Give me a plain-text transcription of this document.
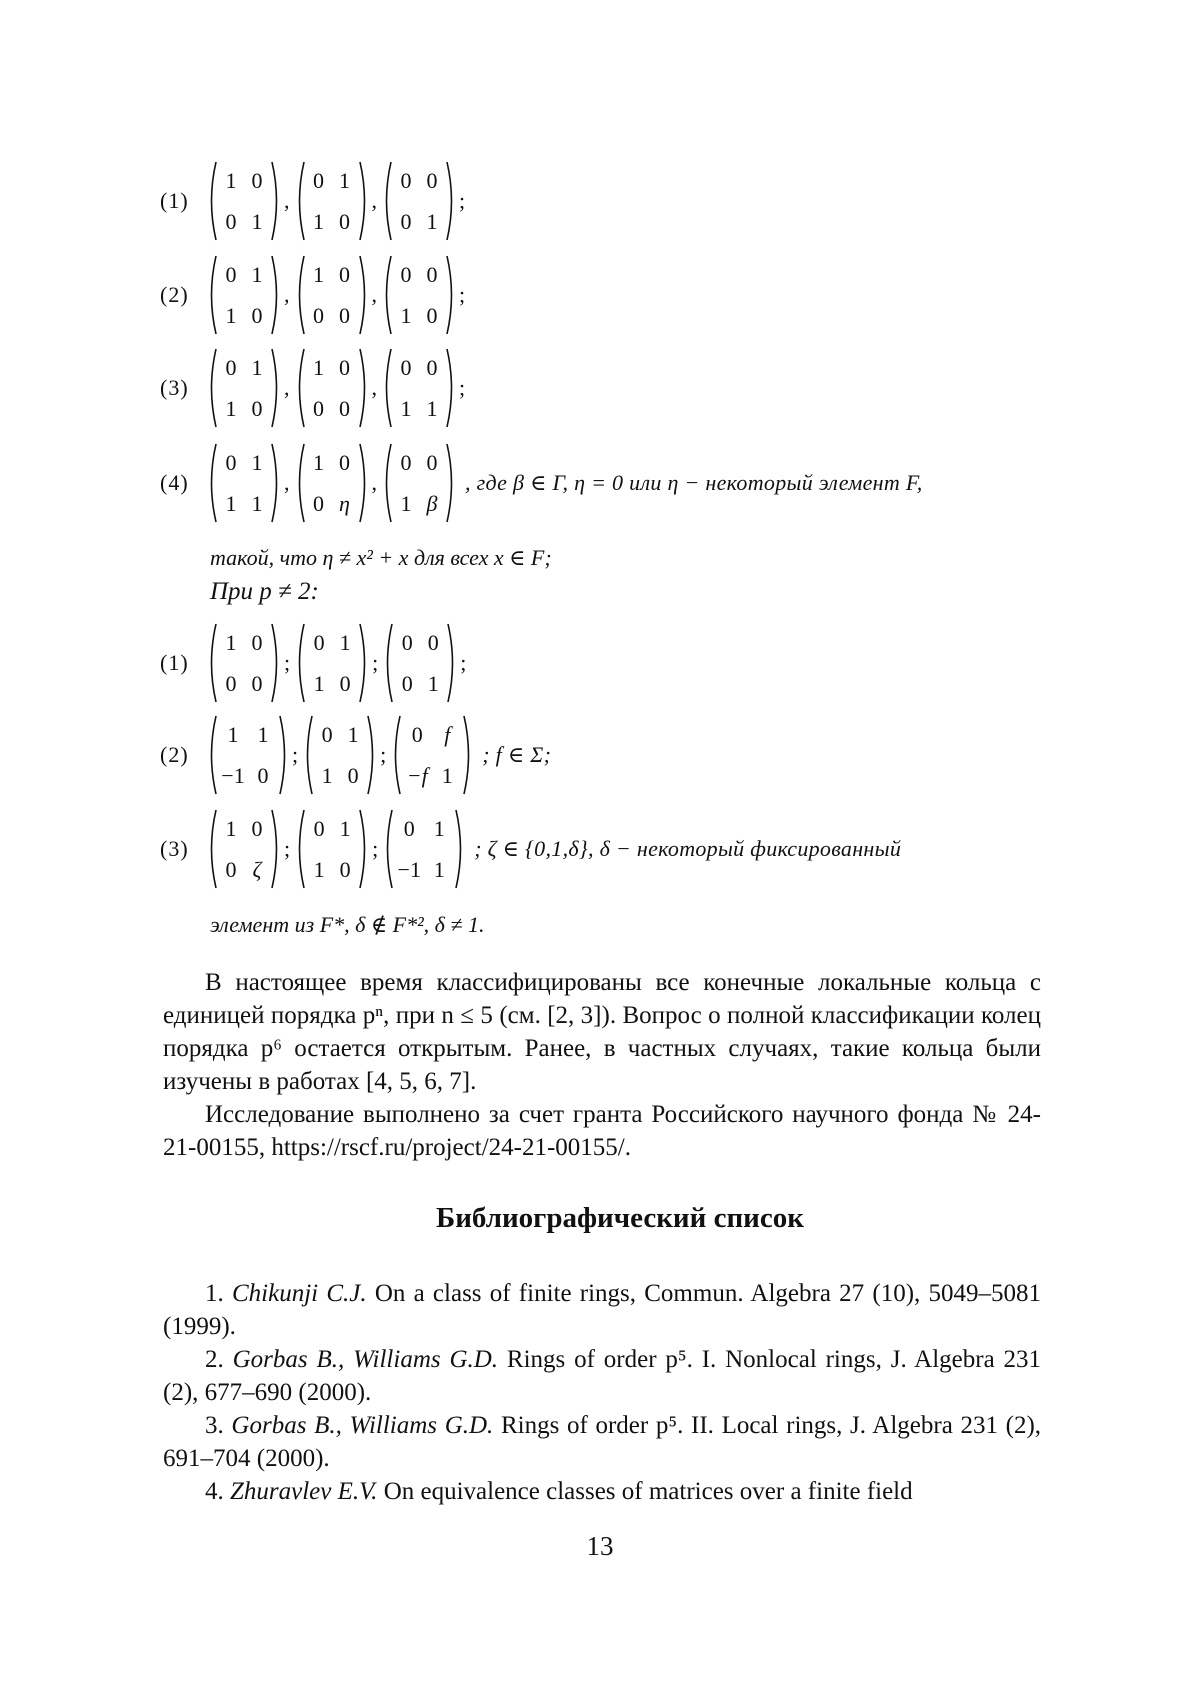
(1)
1 0
0 1
,
0 1
1 0
,
0 0
0 1
;
(2)
0 1
1 0
,
1 0
0 0
,
0 0
1 0
;
(3)
0 1
1 0
,
1 0
0 0
,
0 0
1 1
;
(4)
0 1
1 1
,
1 0
0 η
,
0 0
1 β
, где β ∈ Γ, η = 0 или η − некоторый элемент F,
такой, что η ≠ x² + x для всех x ∈ F;
При p ≠ 2:
(1)
1 0
0 0
;
0 1
1 0
;
0 0
0 1
;
(2)
1 1
−1 0
;
0 1
1 0
;
0 f
−f 1
; f ∈ Σ;
(3)
1 0
0 ζ
;
0 1
1 0
;
0 1
−1 1
; ζ ∈ {0,1,δ}, δ − некоторый фиксированный
элемент из F*, δ ∉ F*², δ ≠ 1.

В настоящее время классифицированы все конечные локальные кольца с единицей порядка pⁿ, при n ≤ 5 (см. [2, 3]). Вопрос о полной классификации колец порядка p⁶ остается открытым. Ранее, в частных случаях, такие кольца были изучены в работах [4, 5, 6, 7].

Исследование выполнено за счет гранта Российского научного фонда № 24-21-00155, https://rscf.ru/project/24-21-00155/.

Библиографический список

1. Chikunji C.J. On a class of finite rings, Commun. Algebra 27 (10), 5049–5081 (1999).

2. Gorbas B., Williams G.D. Rings of order p⁵. I. Nonlocal rings, J. Algebra 231 (2), 677–690 (2000).

3. Gorbas B., Williams G.D. Rings of order p⁵. II. Local rings, J. Algebra 231 (2), 691–704 (2000).

4. Zhuravlev E.V. On equivalence classes of matrices over a finite field

13
